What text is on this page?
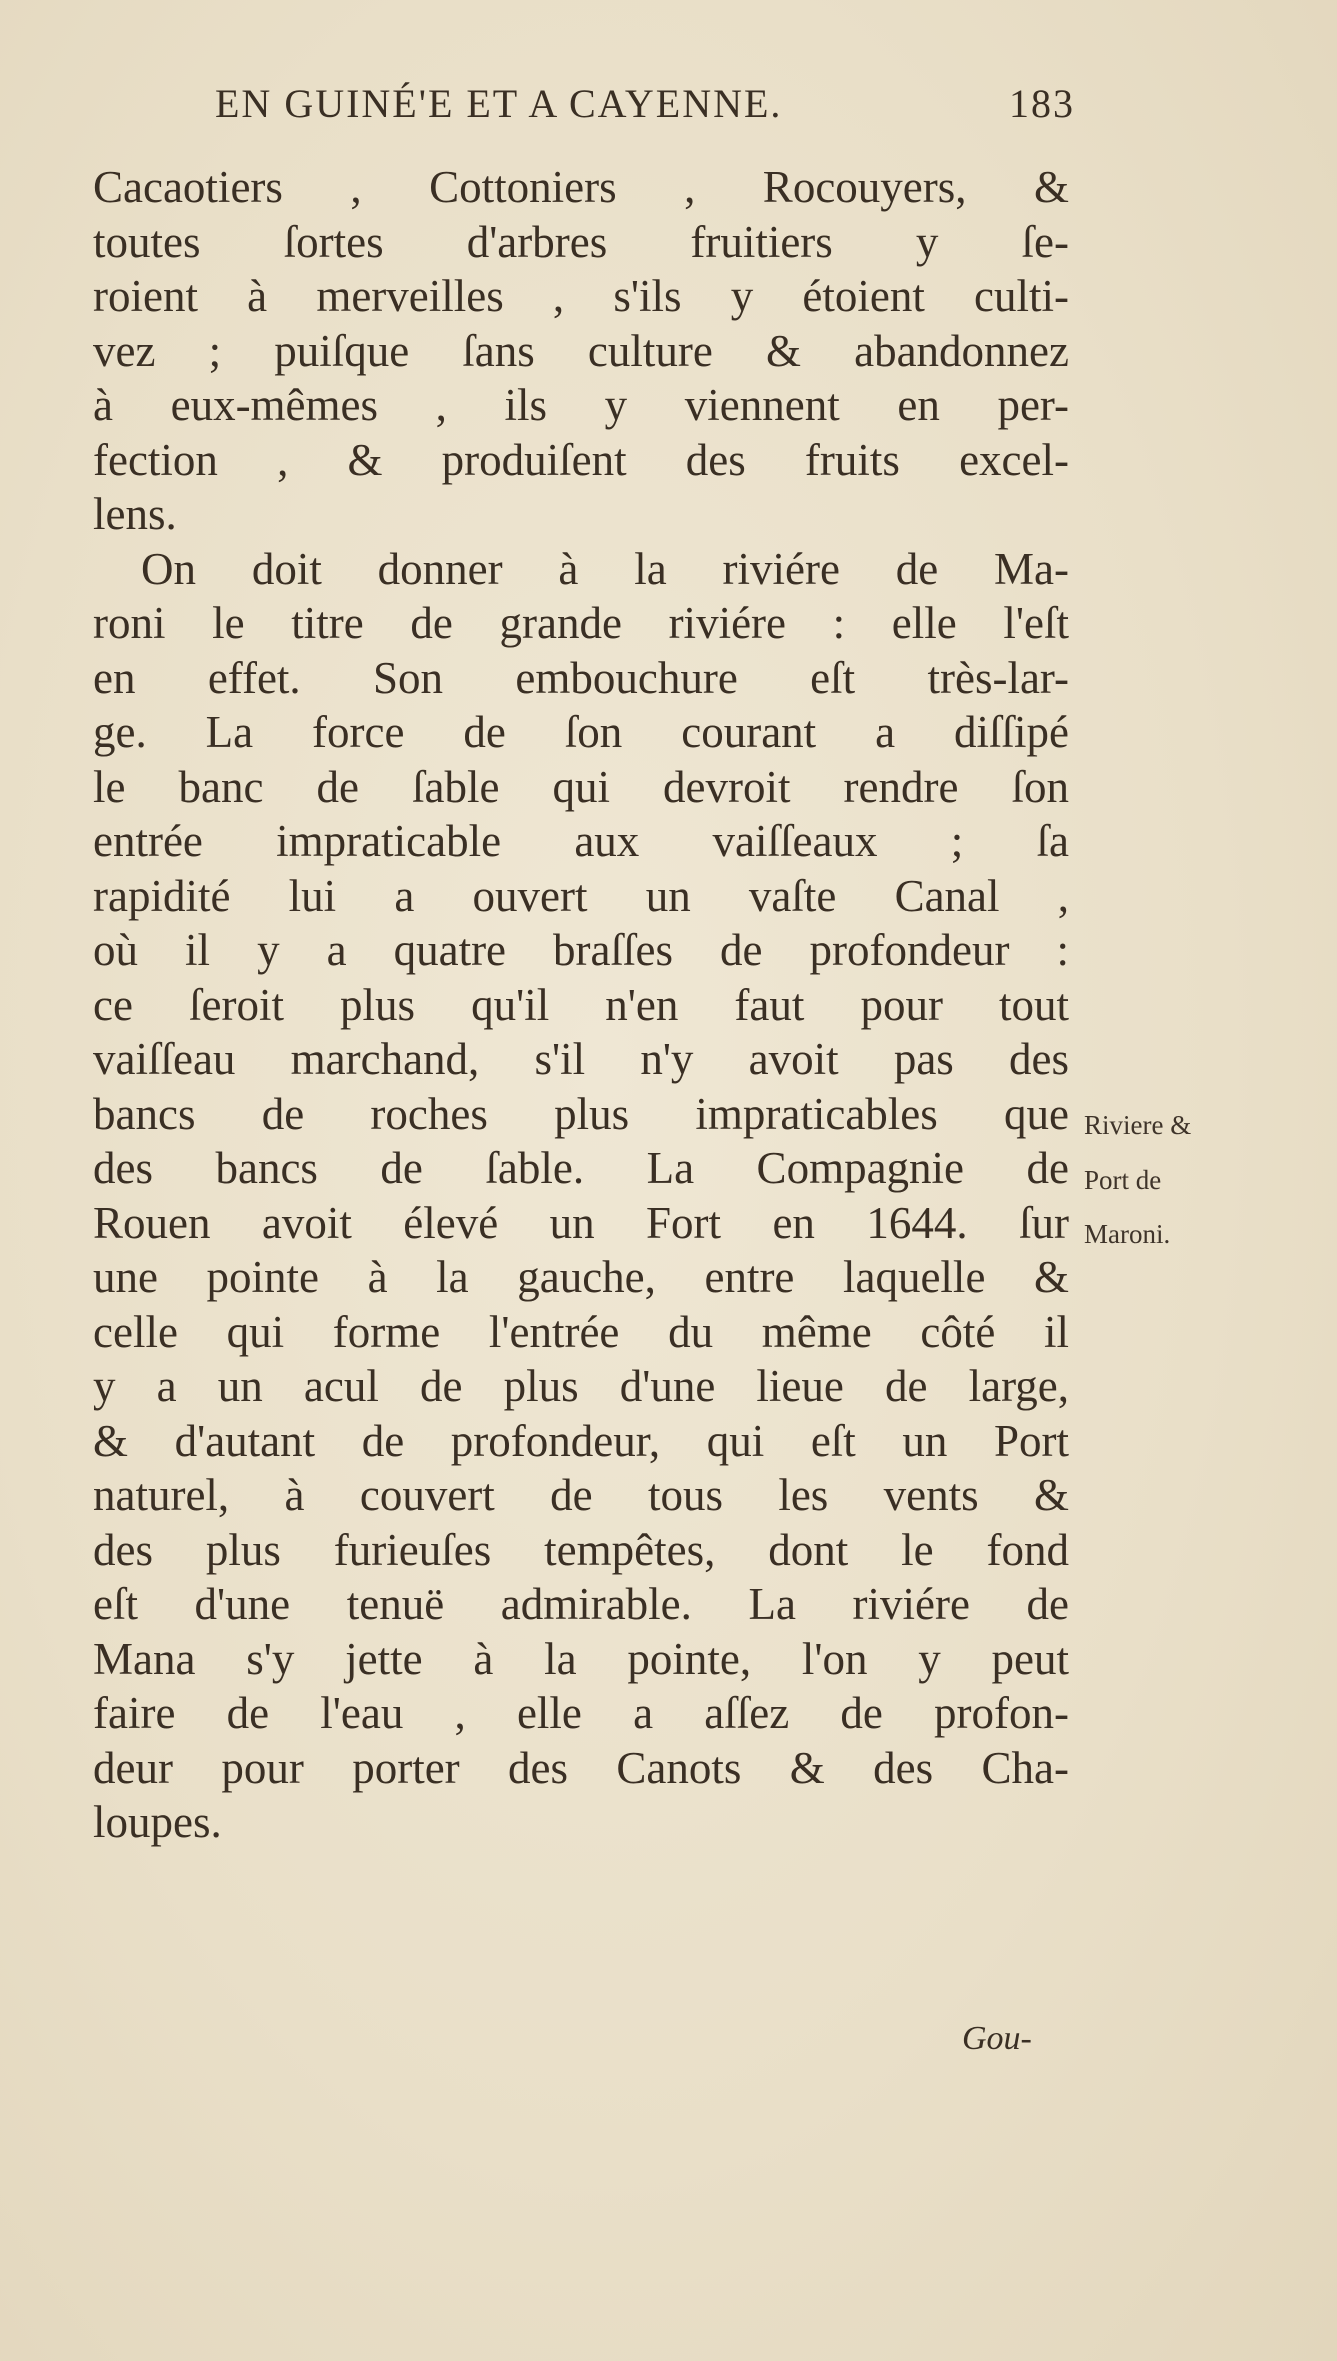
EN GUINÉ'E ET A CAYENNE.	183
Cacaotiers , Cottoniers , Rocouyers, &
toutes ſortes d'arbres fruitiers y ſe-
roient à merveilles , s'ils y étoient culti-
vez ; puiſque ſans culture & abandonnez
à eux-mêmes , ils y viennent en per-
fection , & produiſent des fruits excel-
lens.
On doit donner à la riviére de Ma-
roni le titre de grande riviére : elle l'eſt
en effet. Son embouchure eſt très-lar-
ge. La force de ſon courant a diſſipé
le banc de ſable qui devroit rendre ſon
entrée impraticable aux vaiſſeaux ; ſa
rapidité lui a ouvert un vaſte Canal ,
où il y a quatre braſſes de profondeur :
ce ſeroit plus qu'il n'en faut pour tout
vaiſſeau marchand, s'il n'y avoit pas des
bancs de roches plus impraticables que
des bancs de ſable. La Compagnie de
Rouen avoit élevé un Fort en 1644. ſur
une pointe à la gauche, entre laquelle &
celle qui forme l'entrée du même côté il
y a un acul de plus d'une lieue de large,
& d'autant de profondeur, qui eſt un Port
naturel, à couvert de tous les vents &
des plus furieuſes tempêtes, dont le fond
eſt d'une tenuë admirable. La riviére de
Mana s'y jette à la pointe, l'on y peut
faire de l'eau , elle a aſſez de profon-
deur pour porter des Canots & des Cha-
loupes.
Riviere &
Port de
Maroni.
Gou-
